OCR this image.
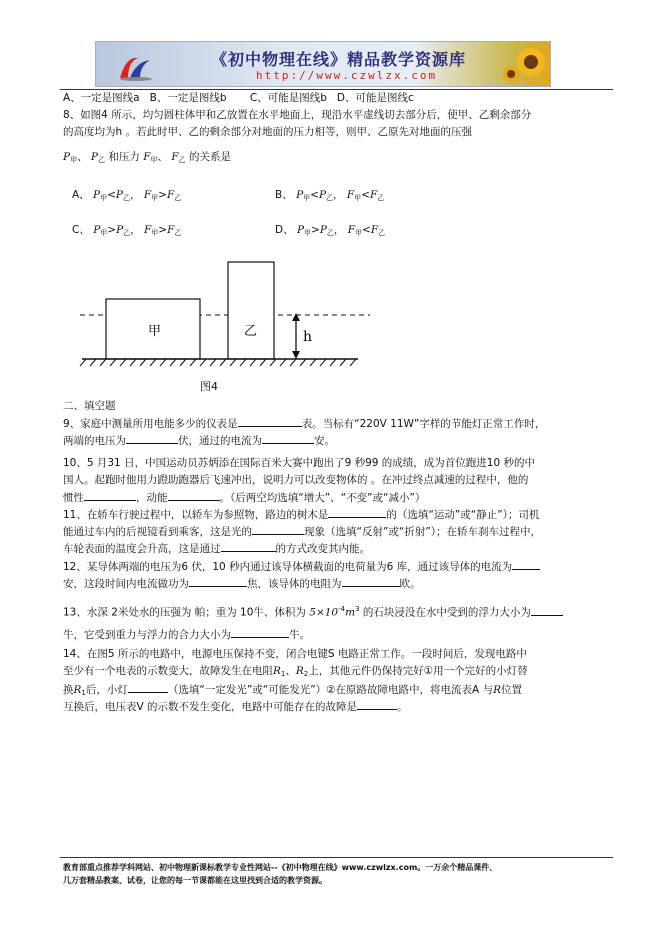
《初中物理在线》精品教学资源库
http://www.czwlzx.com
A、一定是图线a B、一定是图线b C、可能是图线b D、可能是图线c
8、如图4 所示，均匀圆柱体甲和乙放置在水平地面上，现沿水平虚线切去部分后，使甲、乙剩余部分
的高度均为h 。若此时甲、乙的剩余部分对地面的压力相等，则甲、乙原先对地面的压强
$P_甲$、 $P_乙$ 和压力 $F_甲$、 $F_乙$ 的关系是
A、 $P_甲<P_乙$， $F_甲>F_乙$	B、 $P_甲<P_乙$， $F_甲<F_乙$
C、 $P_甲>P_乙$， $F_甲>F_乙$	D、 $P_甲>P_乙$， $F_甲<F_乙$
甲	乙	h
图4
二、填空题
9、家庭中测量所用电能多少的仪表是	表。当标有“220V 11W”字样的节能灯正常工作时，
两端的电压为	伏，通过的电流为	安。
10、5 月31 日，中国运动员苏炳添在国际百米大赛中跑出了9 秒99 的成绩，成为首位跑进10 秒的中
国人。起跑时他用力蹬助跑器后飞速冲出，说明力可以改变物体的 。在冲过终点减速的过程中，他的
惯性	，动能	。（后两空均选填“增大”、“不变”或“减小”）
11、在轿车行驶过程中，以轿车为参照物，路边的树木是	的（选填“运动”或“静止”）；司机
能通过车内的后视镜看到乘客，这是光的	现象（选填“反射”或“折射”）；在轿车刹车过程中，
车轮表面的温度会升高，这是通过	的方式改变其内能。
12、某导体两端的电压为6 伏，10 秒内通过该导体横截面的电荷量为6 库，通过该导体的电流为
安，这段时间内电流做功为	焦，该导体的电阻为	欧。
13、水深 2米处水的压强为 帕；重为 10牛、体积为 $5\times 10^{-4}m^3$ 的石块浸没在水中受到的浮力大小为
牛，它受到重力与浮力的合力大小为	牛。
14、在图5 所示的电路中，电源电压保持不变，闭合电键S 电路正常工作。一段时间后，发现电路中
至少有一个电表的示数变大，故障发生在电阻$R_1$、$R_2$上，其他元件仍保持完好①用一个完好的小灯替
换$R_1$后，小灯	（选填“一定发光”或“可能发光”）②在原路故障电路中，将电流表A 与R位置
互换后，电压表V 的示数不发生变化，电路中可能存在的故障是	。
教育部重点推荐学科网站、初中物理新课标教学专业性网站--《初中物理在线》www.czwlzx.com。一万余个精品课件、
几万套精品教案、试卷，让您的每一节课都能在这里找到合适的教学资源。
